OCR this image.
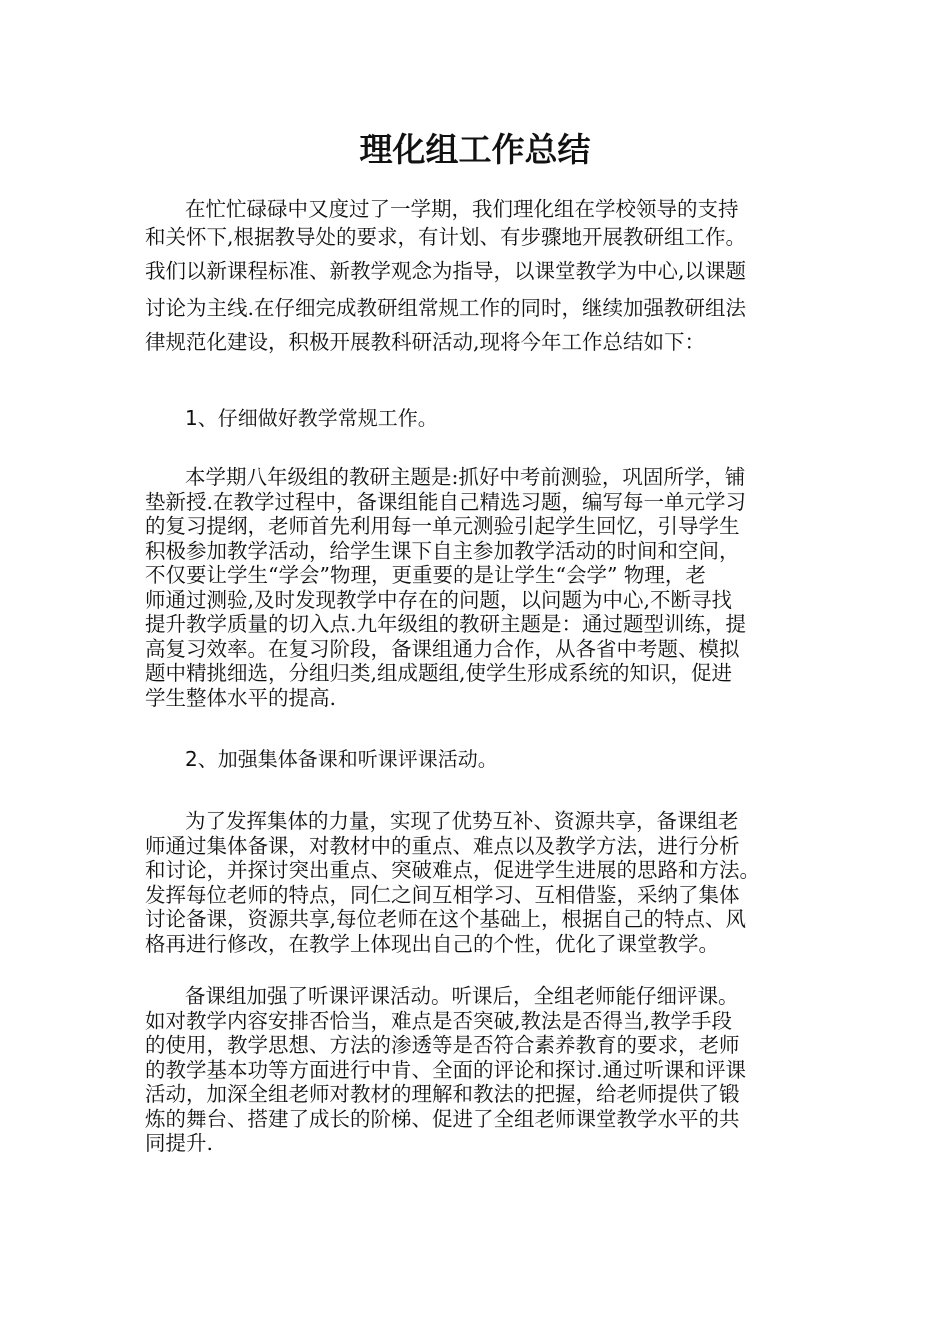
理化组工作总结
在忙忙碌碌中又度过了一学期，我们理化组在学校领导的支持
和关怀下,根据教导处的要求，有计划、有步骤地开展教研组工作。
我们以新课程标准、新教学观念为指导，以课堂教学为中心,以课题
讨论为主线.在仔细完成教研组常规工作的同时，继续加强教研组法
律规范化建设，积极开展教科研活动,现将今年工作总结如下：

1、仔细做好教学常规工作。

本学期八年级组的教研主题是:抓好中考前测验，巩固所学，铺
垫新授.在教学过程中，备课组能自己精选习题，编写每一单元学习
的复习提纲，老师首先利用每一单元测验引起学生回忆，引导学生
积极参加教学活动，给学生课下自主参加教学活动的时间和空间，
不仅要让学生“学会”物理，更重要的是让学生“会学” 物理，老
师通过测验,及时发现教学中存在的问题，以问题为中心,不断寻找
提升教学质量的切入点.九年级组的教研主题是：通过题型训练，提
高复习效率。在复习阶段，备课组通力合作，从各省中考题、模拟
题中精挑细选，分组归类,组成题组,使学生形成系统的知识，促进
学生整体水平的提高.

2、加强集体备课和听课评课活动。

为了发挥集体的力量，实现了优势互补、资源共享，备课组老
师通过集体备课，对教材中的重点、难点以及教学方法，进行分析
和讨论，并探讨突出重点、突破难点，促进学生进展的思路和方法。
发挥每位老师的特点，同仁之间互相学习、互相借鉴，采纳了集体
讨论备课，资源共享,每位老师在这个基础上，根据自己的特点、风
格再进行修改，在教学上体现出自己的个性，优化了课堂教学。
备课组加强了听课评课活动。听课后，全组老师能仔细评课。
如对教学内容安排否恰当，难点是否突破,教法是否得当,教学手段
的使用，教学思想、方法的渗透等是否符合素养教育的要求，老师
的教学基本功等方面进行中肯、全面的评论和探讨.通过听课和评课
活动，加深全组老师对教材的理解和教法的把握，给老师提供了锻
炼的舞台、搭建了成长的阶梯、促进了全组老师课堂教学水平的共
同提升.
